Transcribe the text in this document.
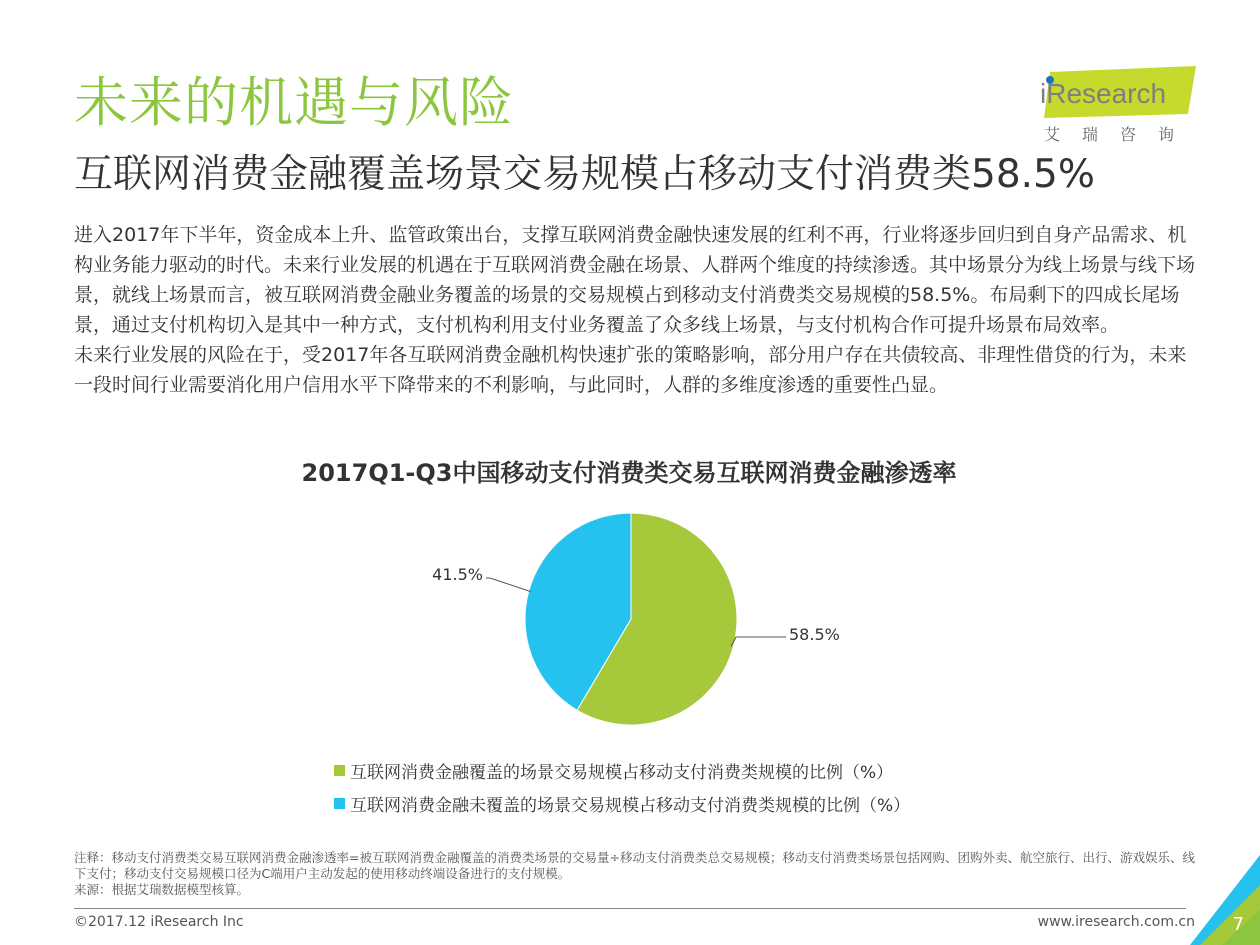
未来的机遇与风险
互联网消费金融覆盖场景交易规模占移动支付消费类58.5%
iResearch
艾瑞咨询

进入2017年下半年，资金成本上升、监管政策出台，支撑互联网消费金融快速发展的红利不再，行业将逐步回归到自身产品需求、机构业务能力驱动的时代。未来行业发展的机遇在于互联网消费金融在场景、人群两个维度的持续渗透。其中场景分为线上场景与线下场景，就线上场景而言，被互联网消费金融业务覆盖的场景的交易规模占到移动支付消费类交易规模的58.5%。布局剩下的四成长尾场景，通过支付机构切入是其中一种方式，支付机构利用支付业务覆盖了众多线上场景，与支付机构合作可提升场景布局效率。

未来行业发展的风险在于，受2017年各互联网消费金融机构快速扩张的策略影响，部分用户存在共债较高、非理性借贷的行为，未来一段时间行业需要消化用户信用水平下降带来的不利影响，与此同时，人群的多维度渗透的重要性凸显。

2017Q1-Q3中国移动支付消费类交易互联网消费金融渗透率
58.5%
41.5%
互联网消费金融覆盖的场景交易规模占移动支付消费类规模的比例（%）
互联网消费金融未覆盖的场景交易规模占移动支付消费类规模的比例（%）

注释：移动支付消费类交易互联网消费金融渗透率=被互联网消费金融覆盖的消费类场景的交易量÷移动支付消费类总交易规模；移动支付消费类场景包括网购、团购外卖、航空旅行、出行、游戏娱乐、线下支付；移动支付交易规模口径为C端用户主动发起的使用移动终端设备进行的支付规模。

来源：根据艾瑞数据模型核算。

©2017.12 iResearch Inc	www.iresearch.com.cn 7
